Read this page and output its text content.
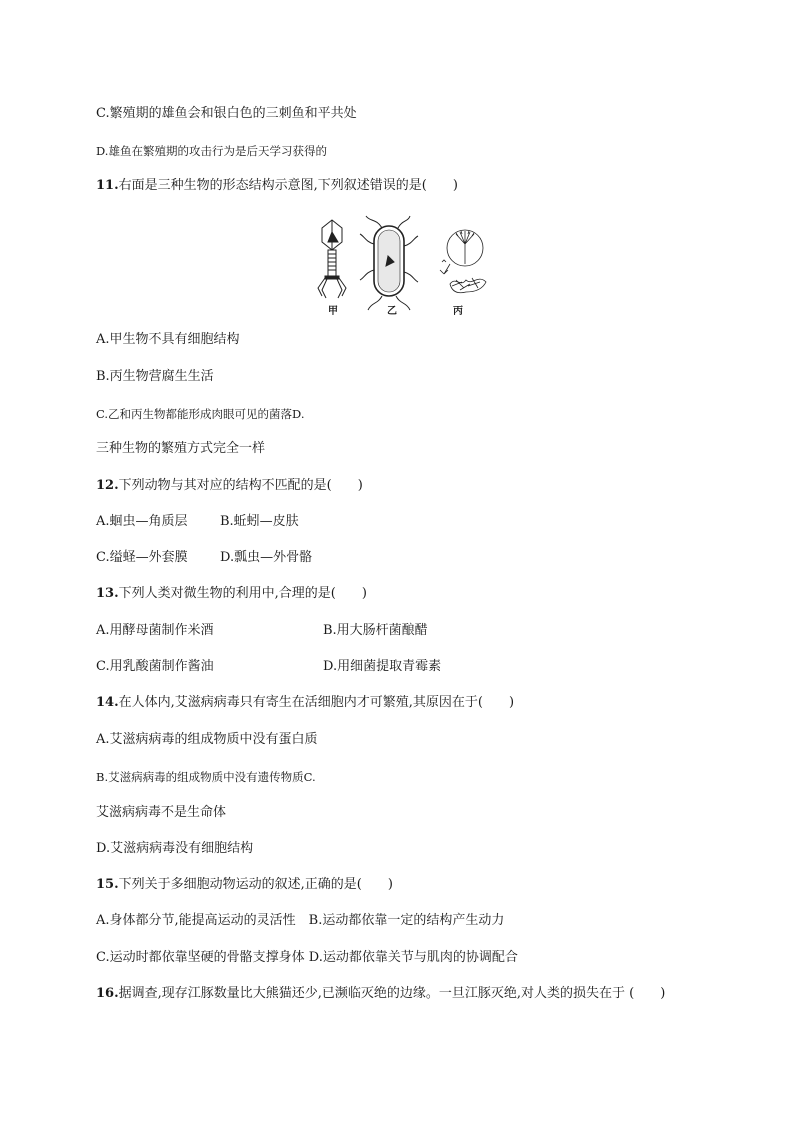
C.繁殖期的雄鱼会和银白色的三刺鱼和平共处
D.雄鱼在繁殖期的攻击行为是后天学习获得的
11.右面是三种生物的形态结构示意图,下列叙述错误的是(　　)
甲	乙	丙
A.甲生物不具有细胞结构
B.丙生物营腐生生活
C.乙和丙生物都能形成肉眼可见的菌落D.
三种生物的繁殖方式完全一样
12.下列动物与其对应的结构不匹配的是(　　)
A.蛔虫—角质层 B.蚯蚓—皮肤
C.缢蛏—外套膜 D.瓢虫—外骨骼
13.下列人类对微生物的利用中,合理的是(　　)
A.用酵母菌制作米酒	B.用大肠杆菌酿醋
C.用乳酸菌制作酱油	D.用细菌提取青霉素
14.在人体内,艾滋病病毒只有寄生在活细胞内才可繁殖,其原因在于(　　)
A.艾滋病病毒的组成物质中没有蛋白质
B.艾滋病病毒的组成物质中没有遗传物质C.
艾滋病病毒不是生命体
D.艾滋病病毒没有细胞结构
15.下列关于多细胞动物运动的叙述,正确的是(　　)
A.身体都分节,能提高运动的灵活性　B.运动都依靠一定的结构产生动力
C.运动时都依靠坚硬的骨骼支撑身体 D.运动都依靠关节与肌肉的协调配合
16.据调查,现存江豚数量比大熊猫还少,已濒临灭绝的边缘。一旦江豚灭绝,对人类的损失在于 (　　)
